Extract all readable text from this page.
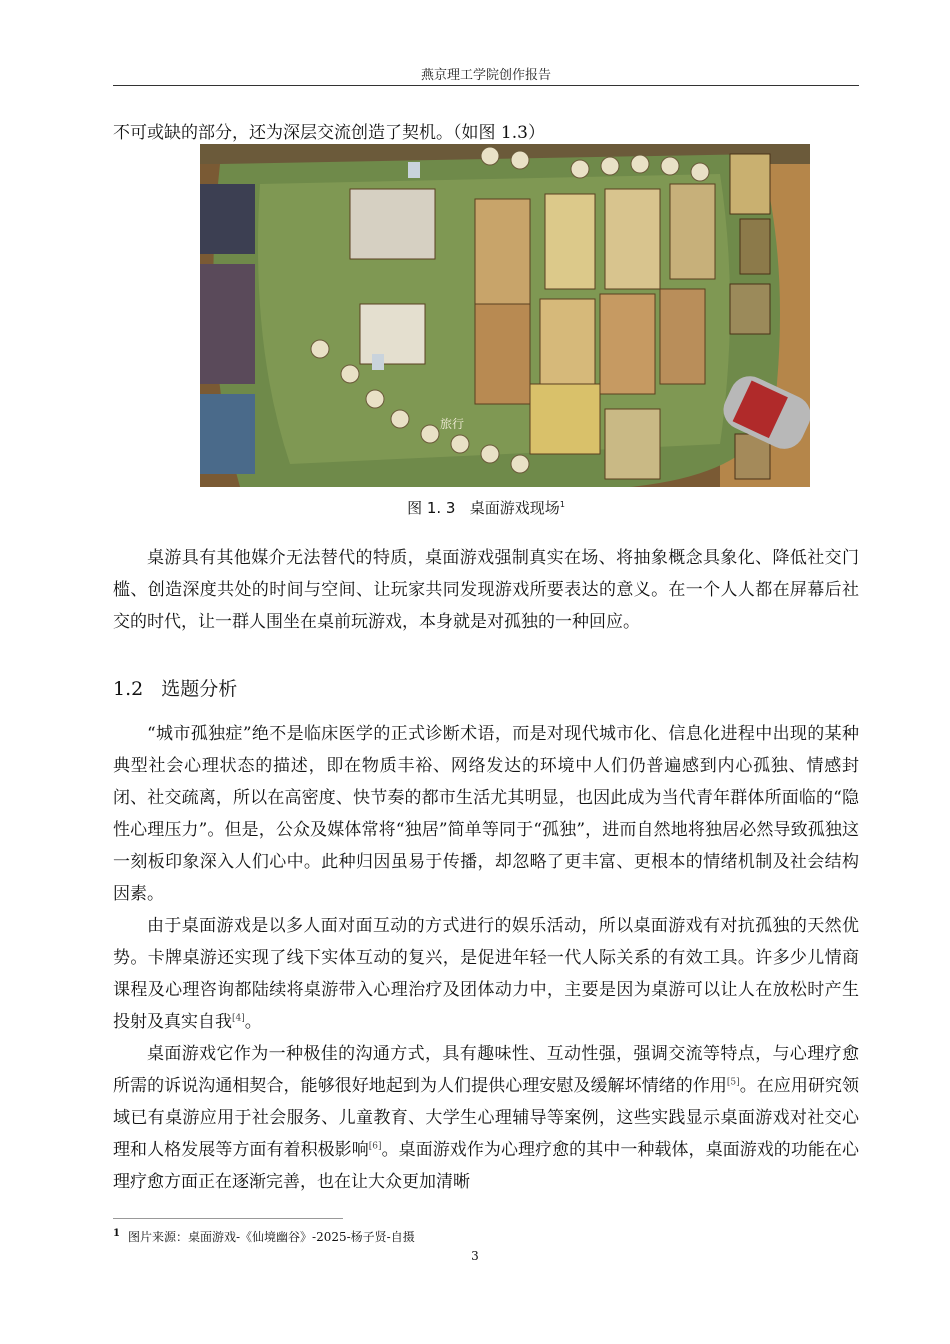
燕京理工学院创作报告
不可或缺的部分，还为深层交流创造了契机。（如图 1.3）
旅行
图 1. 3 桌面游戏现场$^1$

桌游具有其他媒介无法替代的特质，桌面游戏强制真实在场、将抽象概念具象化、降低社交门槛、创造深度共处的时间与空间、让玩家共同发现游戏所要表达的意义。在一个人人都在屏幕后社交的时代，让一群人围坐在桌前玩游戏，本身就是对孤独的一种回应。

1.2 选题分析

“城市孤独症”绝不是临床医学的正式诊断术语，而是对现代城市化、信息化进程中出现的某种典型社会心理状态的描述，即在物质丰裕、网络发达的环境中人们仍普遍感到内心孤独、情感封闭、社交疏离，所以在高密度、快节奏的都市生活尤其明显，也因此成为当代青年群体所面临的“隐性心理压力”。但是，公众及媒体常将“独居”简单等同于“孤独”，进而自然地将独居必然导致孤独这一刻板印象深入人们心中。此种归因虽易于传播，却忽略了更丰富、更根本的情绪机制及社会结构因素。

由于桌面游戏是以多人面对面互动的方式进行的娱乐活动，所以桌面游戏有对抗孤独的天然优势。卡牌桌游还实现了线下实体互动的复兴，是促进年轻一代人际关系的有效工具。许多少儿情商课程及心理咨询都陆续将桌游带入心理治疗及团体动力中，主要是因为桌游可以让人在放松时产生投射及真实自我[4]。

桌面游戏它作为一种极佳的沟通方式，具有趣味性、互动性强，强调交流等特点，与心理疗愈所需的诉说沟通相契合，能够很好地起到为人们提供心理安慰及缓解坏情绪的作用[5]。在应用研究领域已有桌游应用于社会服务、儿童教育、大学生心理辅导等案例，这些实践显示桌面游戏对社交心理和人格发展等方面有着积极影响[6]。桌面游戏作为心理疗愈的其中一种载体，桌面游戏的功能在心理疗愈方面正在逐渐完善，也在让大众更加清晰

$^1$ 图片来源：桌面游戏-《仙境幽谷》-2025-杨子贤-自摄
3
